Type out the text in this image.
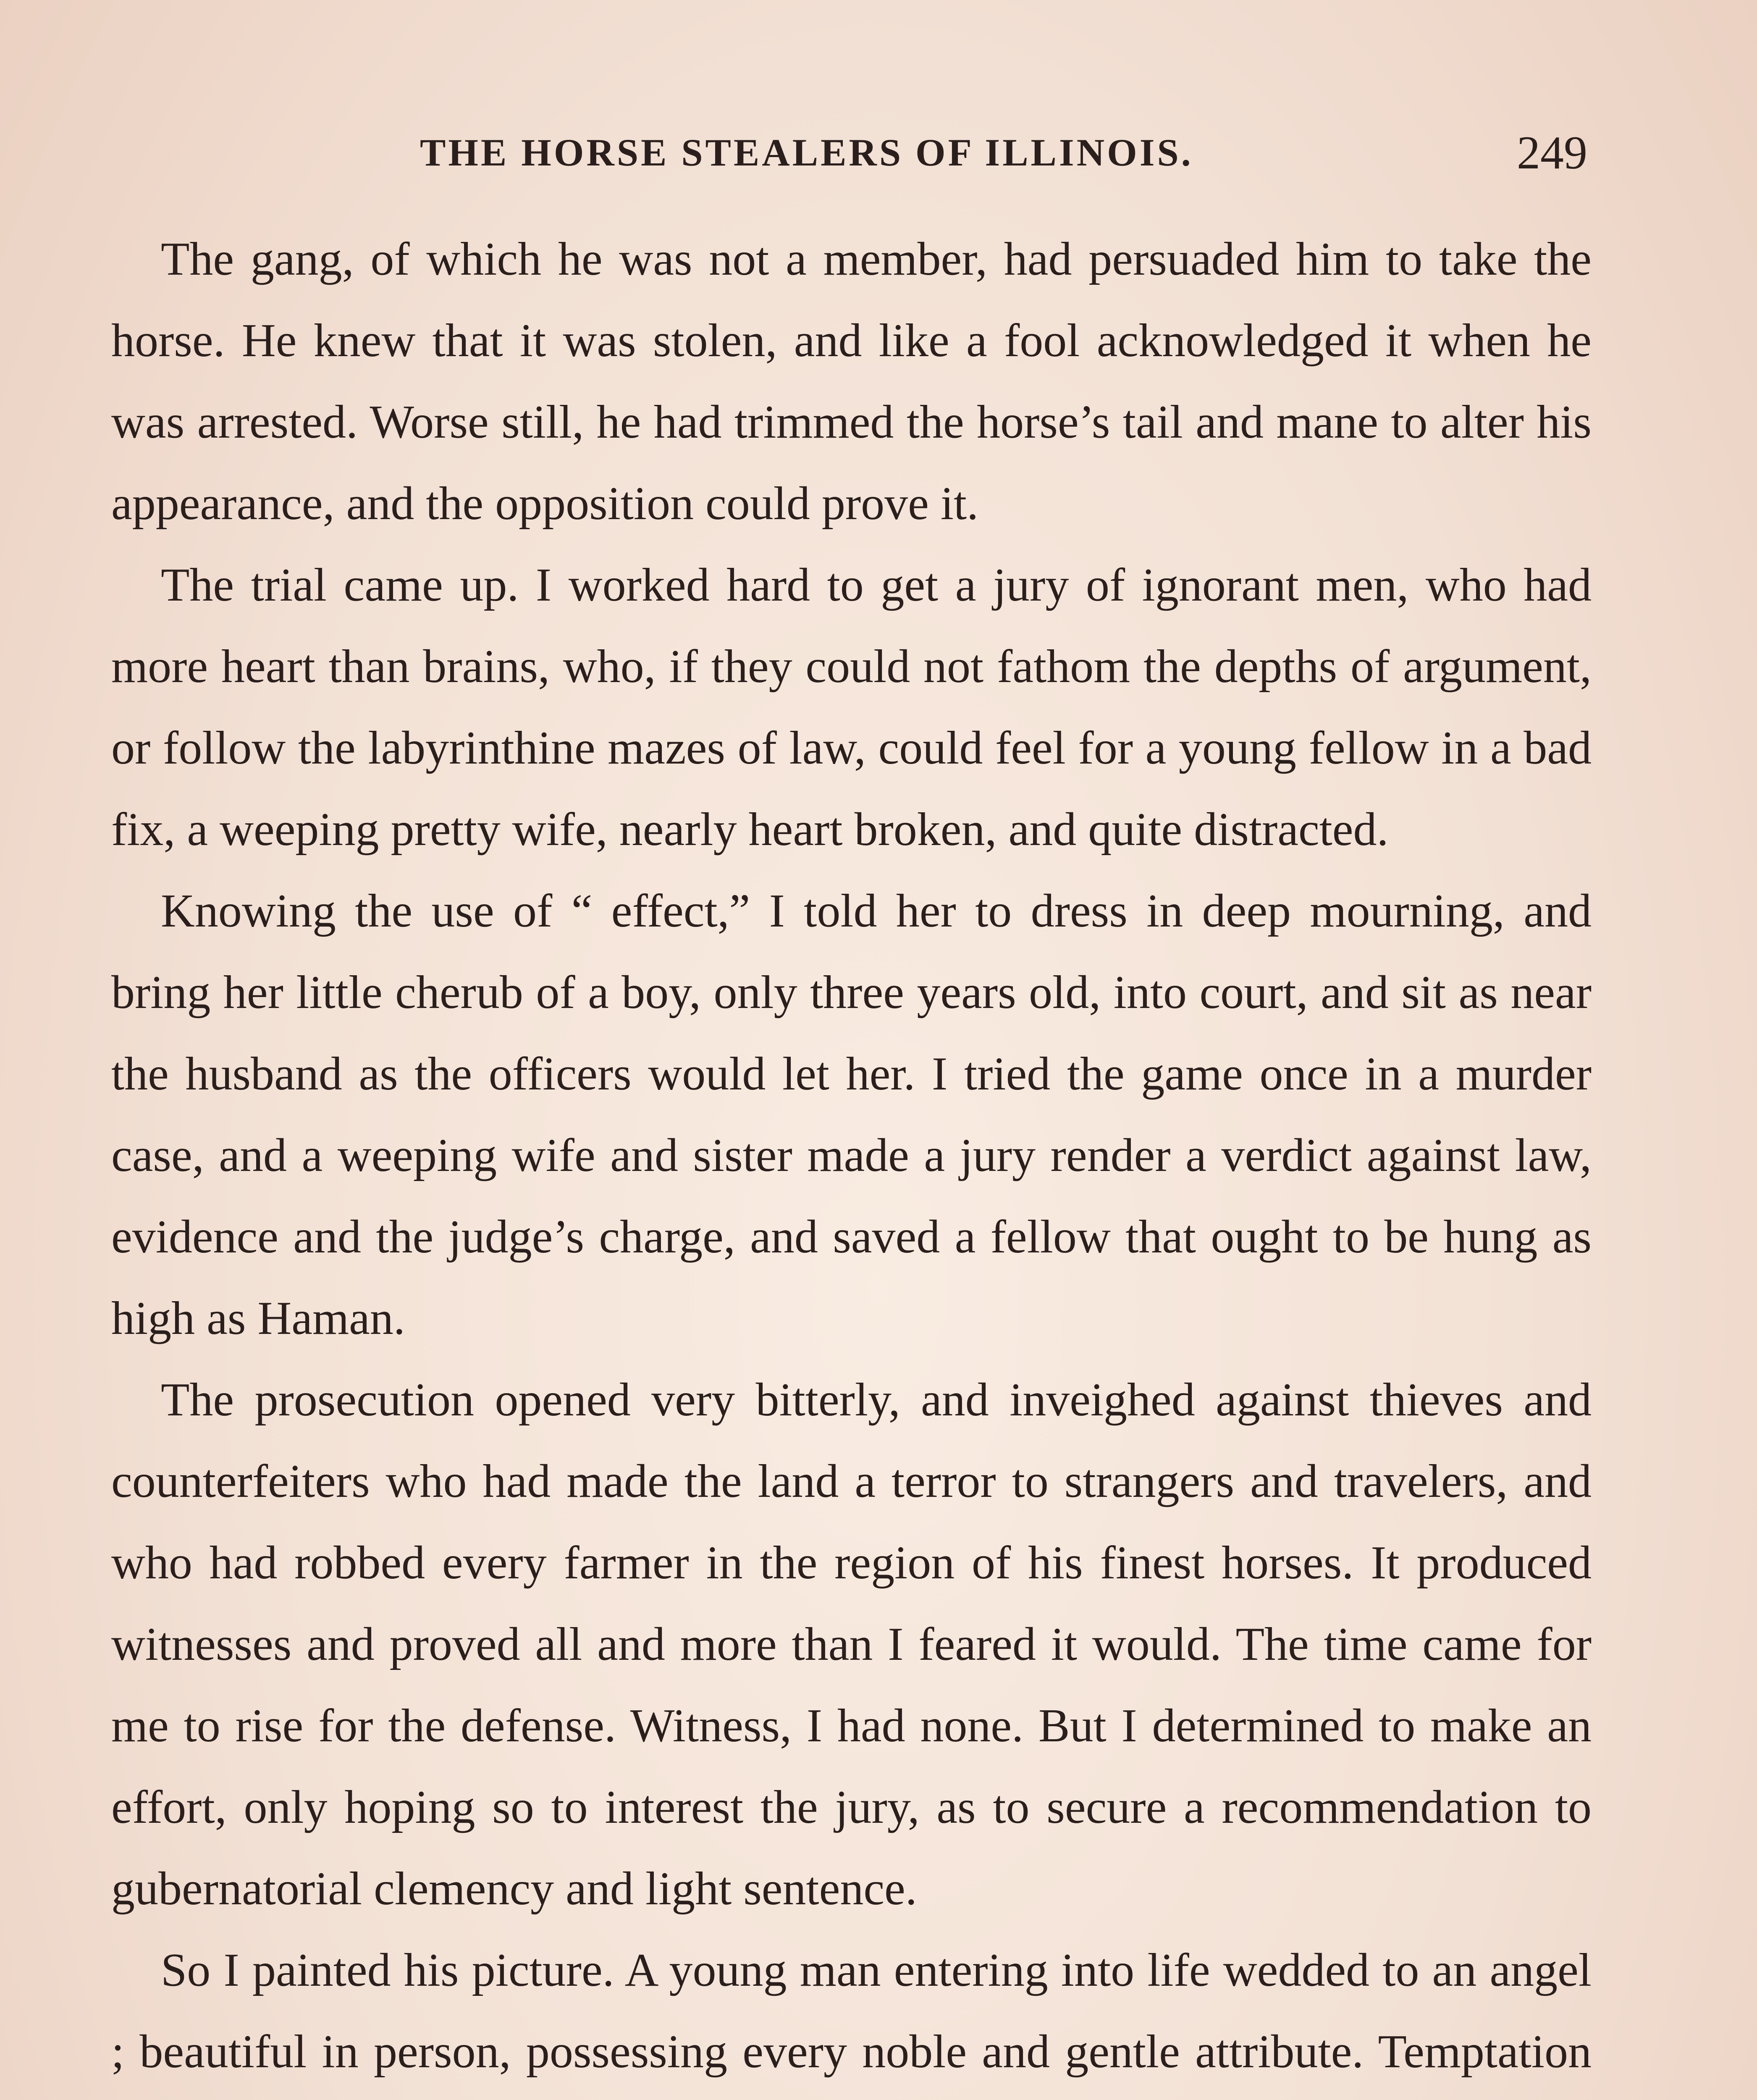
THE HORSE STEALERS OF ILLINOIS.	249

The gang, of which he was not a member, had persuaded him to take the horse. He knew that it was stolen, and like a fool acknowledged it when he was arrested. Worse still, he had trimmed the horse’s tail and mane to alter his appearance, and the opposition could prove it.

The trial came up. I worked hard to get a jury of ignorant men, who had more heart than brains, who, if they could not fathom the depths of argument, or follow the labyrinthine mazes of law, could feel for a young fellow in a bad fix, a weeping pretty wife, nearly heart broken, and quite distracted.

Knowing the use of “ effect,” I told her to dress in deep mourning, and bring her little cherub of a boy, only three years old, into court, and sit as near the husband as the officers would let her. I tried the game once in a murder case, and a weeping wife and sister made a jury render a verdict against law, evidence and the judge’s charge, and saved a fellow that ought to be hung as high as Haman.

The prosecution opened very bitterly, and inveighed against thieves and counterfeiters who had made the land a terror to strangers and travelers, and who had robbed every farmer in the region of his finest horses. It produced witnesses and proved all and more than I feared it would. The time came for me to rise for the defense. Witness, I had none. But I determined to make an effort, only hoping so to interest the jury, as to secure a recommendation to gubernatorial clemency and light sentence.

So I painted his picture. A young man entering into life wedded to an angel ; beautiful in person, possessing every noble and gentle attribute. Temptation
